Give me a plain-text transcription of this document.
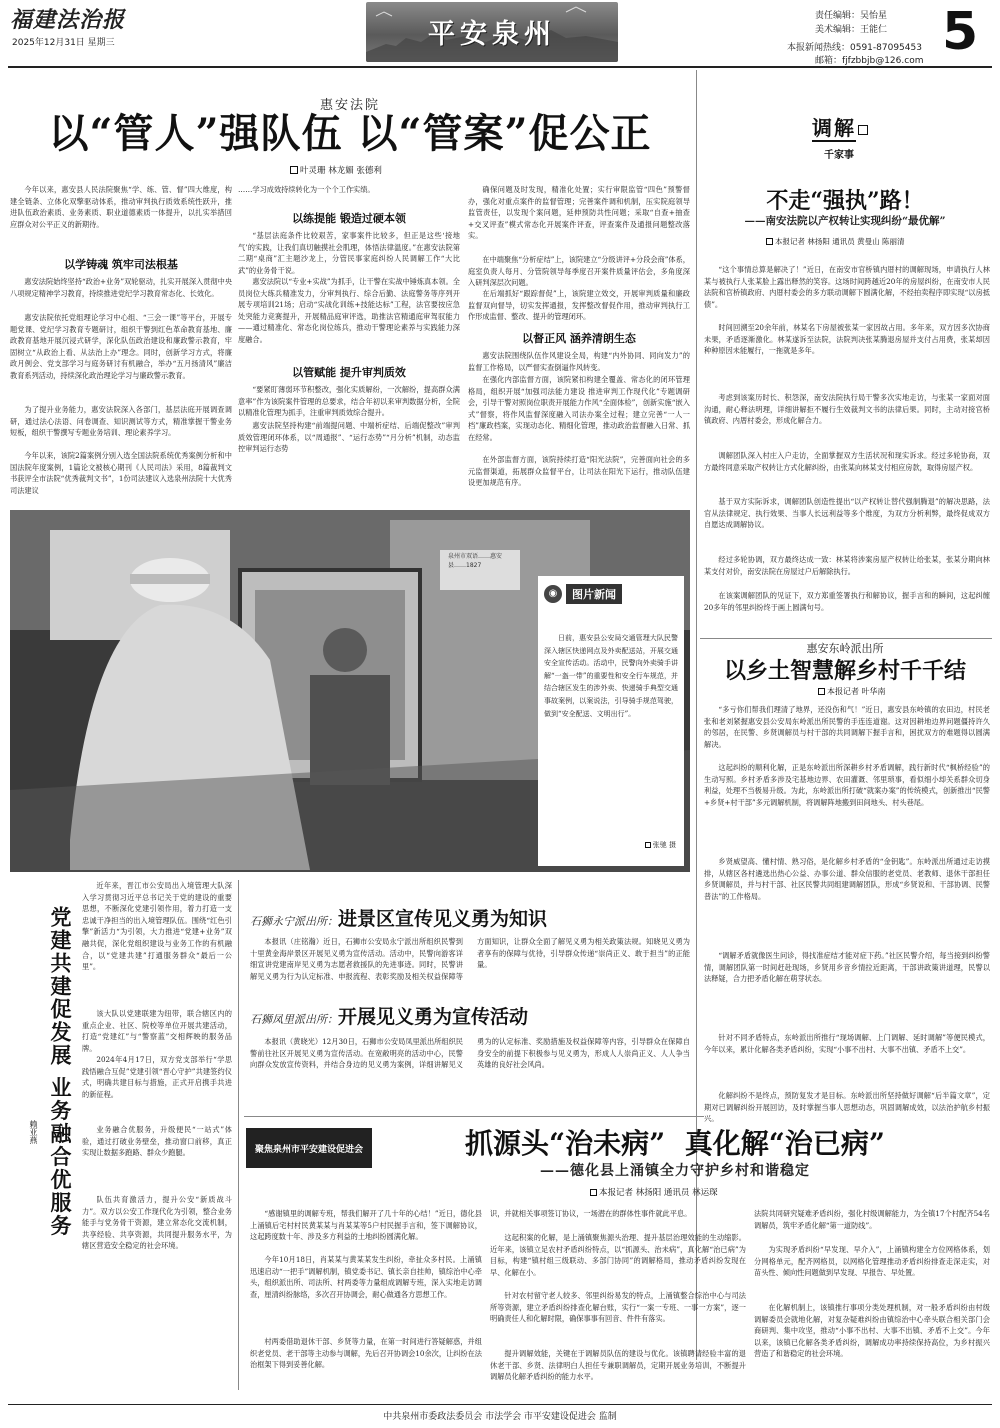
福建法治报
2025年12月31日 星期三	平安泉州
责任编辑：吴怡星
美术编辑：王能仁
本报新闻热线：0591-87095453
邮箱：fjfzbbjb@126.com 5
惠安法院
以“管人”强队伍 以“管案”促公正
叶灵珊 林龙媚 张德利

今年以来，惠安县人民法院聚焦“学、练、管、督”四大维度，构建全链条、立体化双擎驱动体系，推动审判执行质效系统性跃升，推进队伍政治素质、业务素质、职业道德素质一体提升，以扎实举措回应群众对公平正义的新期待。

以学铸魂 筑牢司法根基

惠安法院始终坚持“政治+业务”双轮驱动，扎实开展深入贯彻中央八项规定精神学习教育，持续推进党纪学习教育常态化、长效化。

惠安法院依托党组理论学习中心组、“三会一课”等平台，开展专题党课、党纪学习教育专题研讨，组织干警到红色革命教育基地、廉政教育基地开展沉浸式研学，深化队伍政治建设和廉政警示教育，牢固树立“从政治上看、从法治上办”理念。同时，创新学习方式，将廉政月例会、党支部学习与庭务研讨有机融合，举办“五月扬清风”廉洁教育系列活动，持续深化政治理论学习与廉政警示教育。

为了提升业务能力，惠安法院深入各部门，基层法庭开展调查调研，通过法心法语、问卷调查、知识测试等方式，精准掌握干警业务短板，组织干警撰写专题业务培训、理论素养学习。

今年以来，该院2篇案例分别入选全国法院系统优秀案例分析和中国法院年度案例，1篇论文被核心期刊《人民司法》采用，8篇裁判文书获评全市法院“优秀裁判文书”，1份司法建议入选泉州法院十大优秀司法建议

……学习成效持续转化为一个个工作实绩。

以练提能 锻造过硬本领

“基层法庭条件比较艰苦，家事案件比较多，但正是这些‘接地气’的实践，让我们真切触摸社会肌理，体悟法律温度。”在惠安法院第二期“桌商”汇主题沙龙上，分管民事家庭纠纷人民调解工作“大比武”的业务骨干说。

惠安法院以“专业+实战”为抓手，让干警在实战中锤炼真本领。全员岗位大练兵精准发力，分审判执行、综合后勤、法庭警务等序列开展专项培训21场；启动“实战化训练+技能达标”工程，法官要按应急处突能力竞赛提升，开展精品庭审评选，助推法官精通庭审驾驭能力——通过精准化、常态化岗位练兵，推动干警理论素养与实践能力深度融合。

以管赋能 提升审判质效

“要紧盯薄弱环节积整改，强化实质解纷，一次解纷，提高群众满意率”作为该院案件管理的总要求，结合年初以来审判数据分析，全院以精准化管理为抓手，注重审判质效综合提升。

惠安法院坚持构建“前端提问题、中端析症结、后端促整改”审判质效管理闭环体系，以“周通报”、“运行态势”“月分析”机制，动态监控审判运行态势

确保问题及时发现，精准化处置；实行审限监管“四色”预警督办，强化对重点案件的监督管理；完善案件调和机制，压实院庭领导监管责任，以发现个案问题，延伸预防共性问题；采取“自查+抽查+交叉评查”模式常态化开展案件评查，评查案件及通报问题整改落实。

在中端聚焦“分析症结”上，该院建立“分级讲评+分段会商”体系，庭室负责人每月、分管院领导每季度召开案件质量评估会，多角度深入研判深层次问题。

在后端抓好“跟踪督促”上，该院建立效交，开展审判质量和廉政监督双向督导，切实发挥通报，发挥整改督促作用，推动审判执行工作形成监督、整改、提升的管理闭环。

以督正风 涵养清朗生态

惠安法院围绕队伍作风建设全局，构建“内外协同、同向发力”的监督工作格局，以严督实查倒逼作风转变。

在强化内部监督方面，该院紧扣构建全覆盖、常态化的闭环管理格局，组织开展“加强司法能力建设 推进审判工作现代化”专题调研会，引导干警对照岗位职责开展能力作风“全面体检”，创新实施“嵌入式”督察，将作风监督深度融入司法办案全过程；建立完善“一人一档”廉政档案，实现动态化、精细化管理，推动政治监督融入日常、抓在经常。

在外部监督方面，该院持续打造“阳光法院”，完善面向社会的多元监督渠道，拓展群众监督平台，让司法在阳光下运行，推动队伍建设更加规范有序。

泉州市双语……惠安县……1827
◉	图片新闻
日前，惠安县公安局交通管理大队民警深入辖区快递网点及外卖配送站，开展交通安全宣传活动。活动中，民警向外卖骑手讲解“一盔一带”的重要性和安全行车规范，并结合辖区发生的涉外卖、快递骑手典型交通事故案例，以案说法，引导骑手规范驾驶，做到“安全配送、文明出行”。
张驰 摄
党建共建促发展 业务融合优服务
赖亚燕

近年来，晋江市公安局出入境管理大队深入学习贯彻习近平总书记关于党的建设的重要思想，不断深化党建引领作用，着力打造一支忠诚干净担当的出入境管理队伍。围绕“红色引擎”新活力“为引领，大力推进“党建+业务”双融共促，深化党组织建设与业务工作的有机融合，以“党建共建”打通服务群众“最后一公里”。

该大队以党建联建为纽带，联合辖区内的重点企业、社区、院校等单位开展共建活动，打造“党建红”与“警察蓝”交相辉映的服务品牌。

2024年4月17日，双方党支部举行“学思践悟融合互促”党建引领“晋心守护”共建签约仪式，明确共建目标与措施，正式开启携手共进的新征程。

业务融合优服务，升级便民“一站式”体验，通过打破业务壁垒，推动窗口前移，真正实现让数据多跑路、群众少跑腿。

队伍共育激活力，提升公安“新质战斗力”。双方以公安工作现代化为引领，整合业务能手与党务骨干资源，建立常态化交流机制，共享经验、共享资源，共同提升服务水平，为辖区营造安全稳定的社会环境。

石狮永宁派出所：进景区宣传见义勇为知识
本报讯（庄铭瀚）近日，石狮市公安局永宁派出所组织民警到十里黄金海岸景区开展见义勇为宣传活动。活动中，民警向游客详细宣讲党建南岸见义勇为志愿者救援队的先进事迹。同时，民警讲解见义勇为行为认定标准、申报流程、表彰奖励及相关权益保障等方面知识，让群众全面了解见义勇为相关政策法规。知晓见义勇为者享有的保障与优待，引导群众传递“崇尚正义、敢于担当”的正能量。
石狮凤里派出所：开展见义勇为宣传活动
本报讯（黄晓光）12月30日，石狮市公安局凤里派出所组织民警前往社区开展见义勇为宣传活动。在宽敞明亮的活动中心，民警向群众发放宣传资料，并结合身边的见义勇为案例，详细讲解见义勇为的认定标准、奖励措施及权益保障等内容，引导群众在保障自身安全的前提下积极参与见义勇为，形成人人崇尚正义、人人争当英雄的良好社会风尚。
调解
千家事
不走“强执”路！
——南安法院以产权转让实现纠纷“最优解”
本报记者 林扬阳 通讯员 黄曼山 陈丽清

“这个事情总算是解决了！”近日，在南安市官桥镇内厝村的调解现场，申请执行人林某与被执行人张某脸上露出释然的笑容。这场时间跨越近20年的房屋纠纷，在南安市人民法院和官桥镇政府、内厝村委会的多方联动调解下圆满化解，不经拍卖程序即实现“以房抵债”。

时间回溯至20余年前，林某名下房屋被张某一家因故占用。多年来，双方因多次协商未果，矛盾逐渐激化。林某遂诉至法院，法院判决张某腾退房屋并支付占用费，张某却因种种原因未能履行，一拖就是多年。

考虑到该案历时长、积怨深，南安法院执行局干警多次实地走访，与张某一家面对面沟通，耐心释法明理，详细讲解拒不履行生效裁判文书的法律后果。同时，主动对接官桥镇政府、内厝村委会，形成化解合力。

调解团队深入村庄入户走访，全面掌握双方生活状况和现实诉求。经过多轮协商，双方最终同意采取产权转让方式化解纠纷，由张某向林某支付相应房款，取得房屋产权。

基于双方实际诉求，调解团队创造性提出“以产权转让替代强制腾退”的解决思路，法官从法律规定、执行效果、当事人长远利益等多个维度，为双方分析利弊，最终促成双方自愿达成调解协议。

经过多轮协调，双方最终达成一致：林某将涉案房屋产权转让给张某，张某分期向林某支付对价，南安法院在房屋过户后解除执行。

在该案调解团队的见证下，双方郑重签署执行和解协议，握手言和的瞬间，这起纠缠20多年的邻里纠纷终于画上圆满句号。

惠安东岭派出所
以乡土智慧解乡村千千结
本报记者 叶华南

“多亏你们帮我们理清了地界，还没伤和气！”近日，惠安县东岭镇的农田边，村民老张和老刘紧握惠安县公安局东岭派出所民警的手连连道谢。这对因耕地边界问题僵持许久的邻居，在民警、乡贤调解员与村干部的共同调解下握手言和，困扰双方的难题得以圆满解决。

这起纠纷的顺利化解，正是东岭派出所深耕乡村矛盾调解，践行新时代“枫桥经验”的生动写照。乡村矛盾多涉及宅基地边界、农田灌溉、邻里琐事，看似细小却关系群众切身利益，处理不当极易升级。为此，东岭派出所打破“就案办案”的传统模式，创新推出“民警+乡贤+村干部”多元调解机制，将调解阵地搬到田间地头、村头巷尾。

乡贤威望高、懂村情、熟习俗，是化解乡村矛盾的“金钥匙”。东岭派出所通过走访摸排，从辖区各村遴选出热心公益、办事公道、群众信服的老党员、老教师、退休干部担任乡贤调解员，并与村干部、社区民警共同组建调解团队，形成“乡贤说和、干部协调、民警普法”的工作格局。

“调解矛盾就像医生问诊，得找准症结才能对症下药。”社区民警介绍，每当接到纠纷警情，调解团队第一时间赶赴现场，乡贤用乡音乡情拉近距离，干部讲政策讲道理，民警以法释疑，合力把矛盾化解在萌芽状态。

针对不同矛盾特点，东岭派出所推行“现场调解、上门调解、延时调解”等便民模式，今年以来，累计化解各类矛盾纠纷，实现“小事不出村、大事不出镇、矛盾不上交”。

化解纠纷不是终点，预防复发才是目标。东岭派出所坚持做好调解“后半篇文章”，定期对已调解纠纷开展回访，及时掌握当事人思想动态，巩固调解成效，以法治护航乡村振兴。

聚焦泉州市平安建设促进会	抓源头“治未病”  真化解“治已病”
——德化县上涌镇全力守护乡村和谐稳定
本报记者 林扬阳 通讯员 林运琛

“感谢镇里的调解专班，帮我们解开了几十年的心结！”近日，德化县上涌镇后宅村村民黄某某与肖某某等5户村民握手言和，签下调解协议，这起跨度数十年、涉及多方利益的土地纠纷圆满化解。

今年10月18日，肖某某与黄某某发生纠纷，牵扯众多村民。上涌镇迅速启动“一把手”调解机制，镇党委书记、镇长亲自挂帅，镇综治中心牵头，组织派出所、司法所、村两委等力量组成调解专班，深入实地走访调查，厘清纠纷脉络，多次召开协调会，耐心做通各方思想工作。

村两委借助退休干部、乡贤等力量，在第一时间进行答疑解惑，并组织老党员、老干部等主动参与调解，先后召开协调会10余次，让纠纷在法治框架下得到妥善化解。

识，并就相关事项签订协议，一场潜在的群体性事件就此平息。

这起积案的化解，是上涌镇聚焦源头治理、提升基层治理效能的生动缩影。近年来，该镇立足农村矛盾纠纷特点，以“抓源头、治未病”，真化解“治已病”为目标，构建“镇村组三级联动、多部门协同”的调解格局，推动矛盾纠纷发现在早、化解在小。

针对农村留守老人较多、邻里纠纷易发的特点，上涌镇整合综治中心与司法所等资源，建立矛盾纠纷排查化解台账，实行“一案一专班、一事一方案”，逐一明确责任人和化解时限，确保事事有回音、件件有落实。

提升调解效能，关键在于调解员队伍的建设与优化。该镇聘请经验丰富的退休老干部、乡贤、法律明白人担任专兼职调解员，定期开展业务培训，不断提升调解员化解矛盾纠纷的能力水平。

法院共同研究疑难矛盾纠纷，强化村级调解能力，为全镇17个村配齐54名调解员，筑牢矛盾化解“第一道防线”。

为实现矛盾纠纷“早发现、早介入”，上涌镇构建全方位网格体系，划分网格单元，配齐网格员，以网格化管理推动矛盾纠纷排查走深走实，对苗头性、倾向性问题做到早发现、早报告、早处置。

在化解机制上，该镇推行事项分类处理机制，对一般矛盾纠纷由村级调解委员会就地化解，对复杂疑难纠纷由镇综治中心牵头联合相关部门会商研判、集中攻坚，推动“小事不出村、大事不出镇、矛盾不上交”。今年以来，该镇已化解各类矛盾纠纷，调解成功率持续保持高位，为乡村振兴营造了和谐稳定的社会环境。

中共泉州市委政法委员会 市法学会 市平安建设促进会 监制
